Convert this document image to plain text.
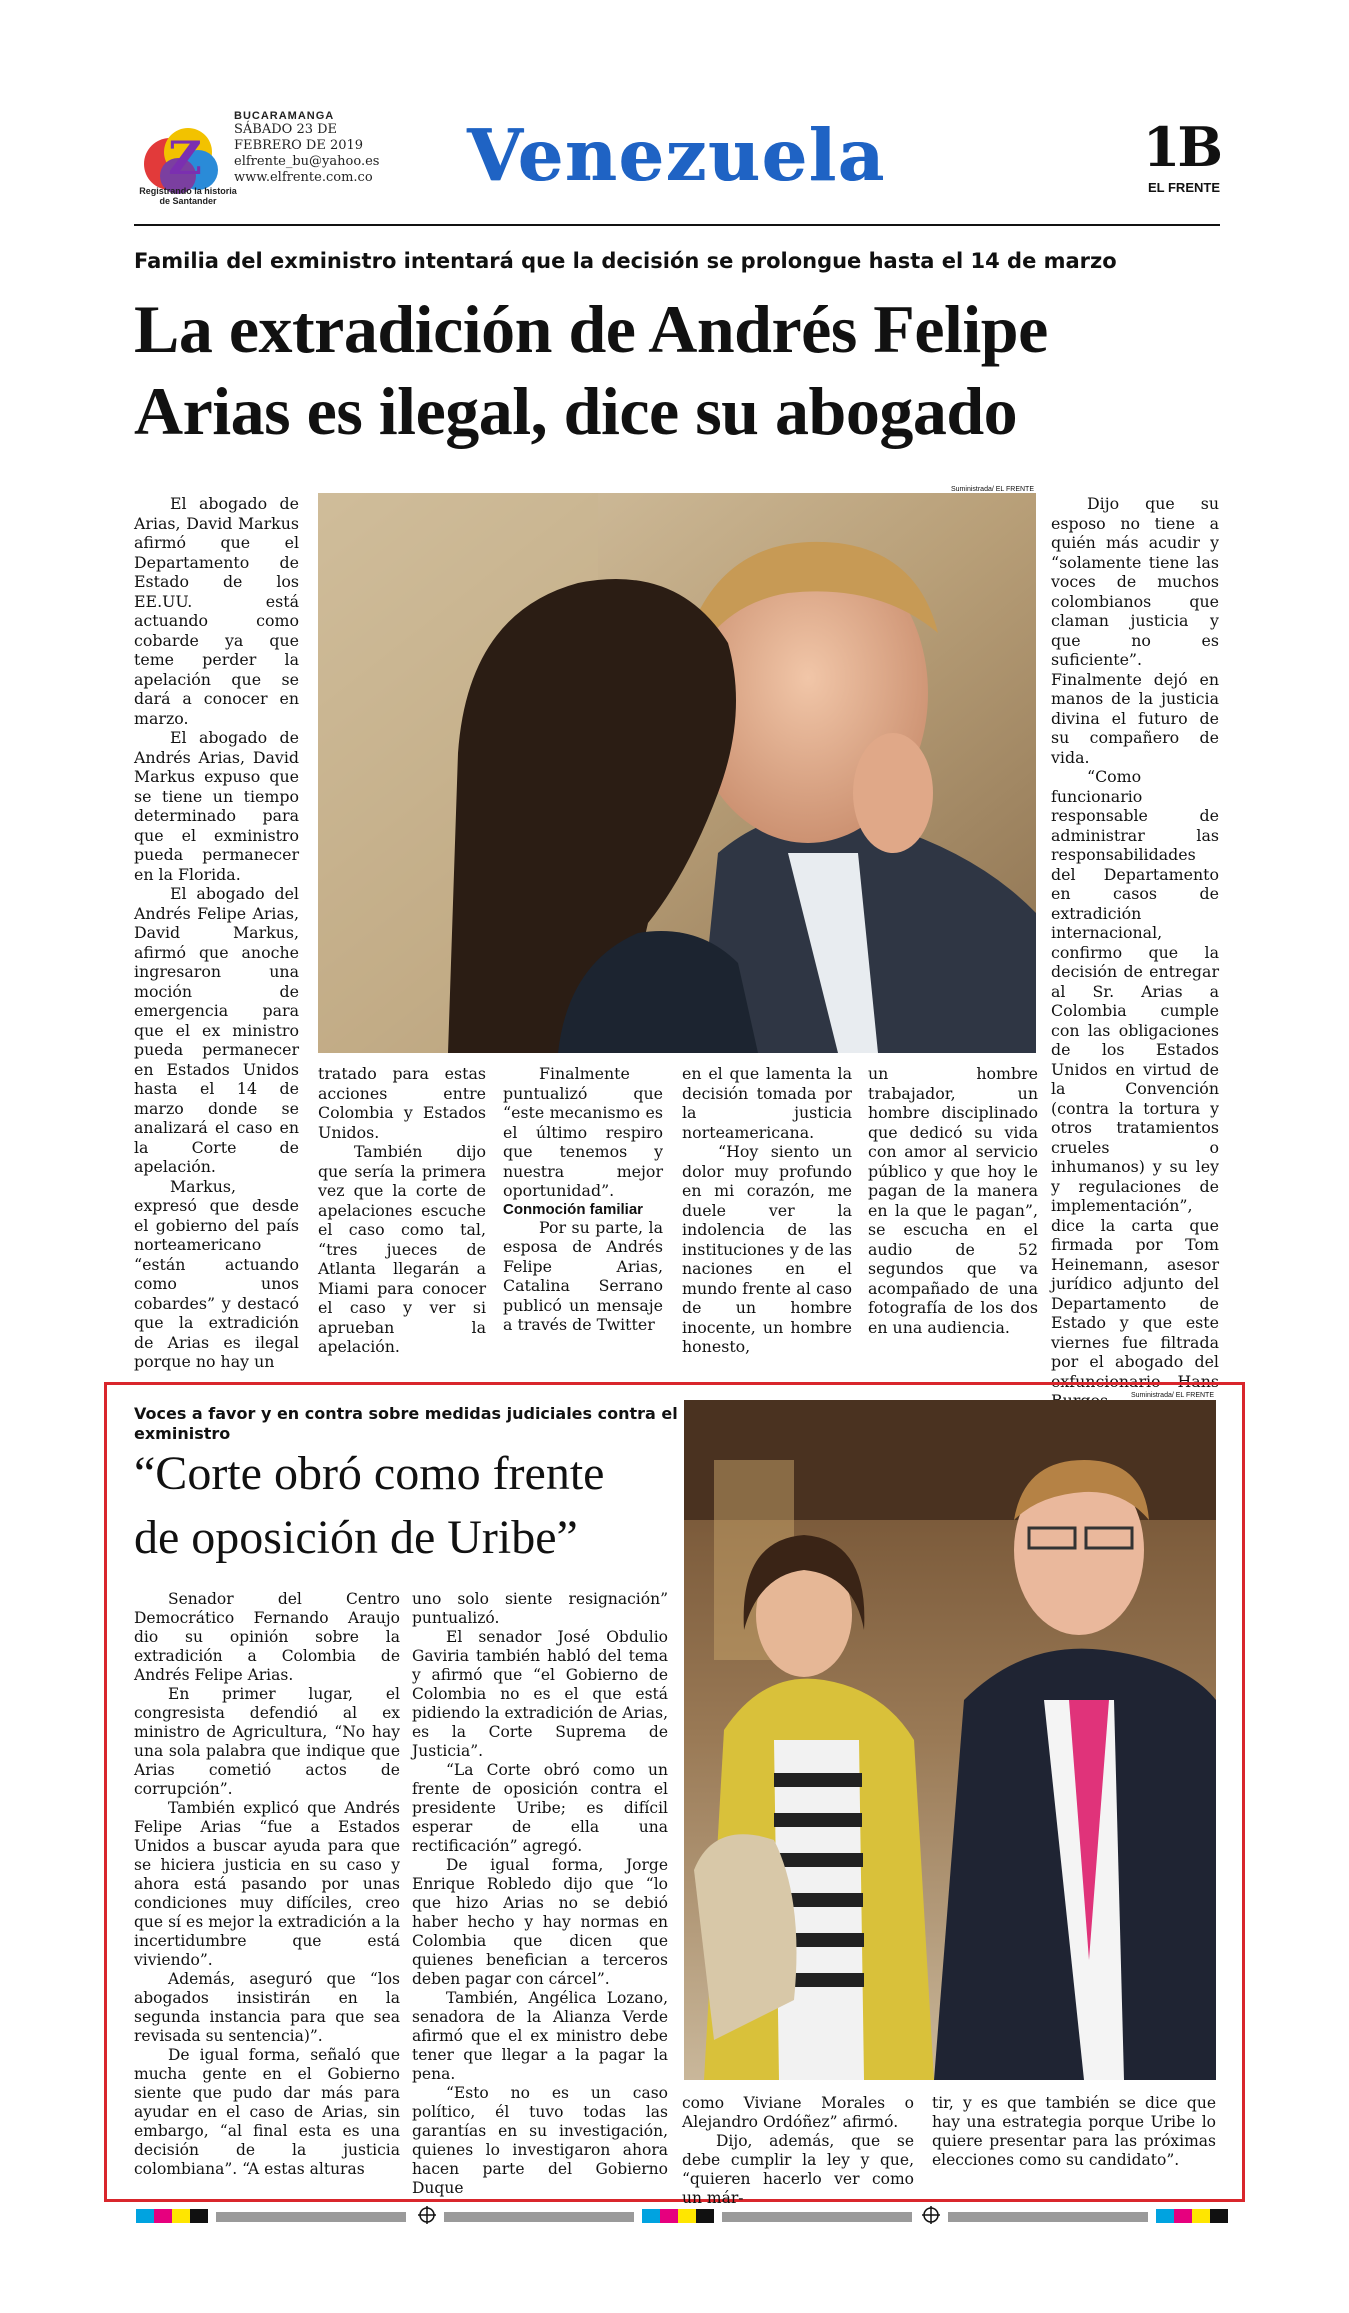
Z
Registrando la historia de Santander
BUCARAMANGA
SÁBADO 23 DE FEBRERO DE 2019
elfrente_bu@yahoo.es
www.elfrente.com.co Venezuela	1B
EL FRENTE
Familia del exministro intentará que la decisión se prolongue hasta el 14 de marzo
La extradición de Andrés Felipe
Arias es ilegal, dice su abogado
Suministrada/ EL FRENTE

El abogado de Arias, David Markus afirmó que el Departamento de Estado de los EE.UU. está actuando como cobarde ya que teme perder la apelación que se dará a conocer en marzo.

El abogado de Andrés Arias, David Markus expuso que se tiene un tiempo determinado para que el exministro pueda permanecer en la Florida.

El abogado del Andrés Felipe Arias, David Markus, afirmó que anoche ingresaron una moción de emergencia para que el ex ministro pueda permanecer en Estados Unidos hasta el 14 de marzo donde se analizará el caso en la Corte de apelación.

Markus, expresó que desde el gobierno del país norteamericano “están actuando como unos cobardes” y destacó que la extradición de Arias es ilegal porque no hay un

tratado para estas acciones entre Colombia y Estados Unidos.

También dijo que sería la primera vez que la corte de apelaciones escuche el caso como tal, “tres jueces de Atlanta llegarán a Miami para conocer el caso y ver si aprueban la apelación.

Finalmente puntualizó que “este mecanismo es el último respiro que tenemos y nuestra mejor oportunidad”.

Conmoción familiar

Por su parte, la esposa de Andrés Felipe Arias, Catalina Serrano publicó un mensaje a través de Twitter

en el que lamenta la decisión tomada por la justicia norteamericana.

“Hoy siento un dolor muy profundo en mi corazón, me duele ver la indolencia de las instituciones y de las naciones en el mundo frente al caso de un hombre inocente, un hombre honesto,

un hombre trabajador, un hombre disciplinado que dedicó su vida con amor al servicio público y que hoy le pagan de la manera en la que le pagan”, se escucha en el audio de 52 segundos que va acompañado de una fotografía de los dos en una audiencia.

Dijo que su esposo no tiene a quién más acudir y “solamente tiene las voces de muchos colombianos que claman justicia y que no es suficiente”. Finalmente dejó en manos de la justicia divina el futuro de su compañero de vida.

“Como funcionario responsable de administrar las responsabilidades del Departamento en casos de extradición internacional, confirmo que la decisión de entregar al Sr. Arias a Colombia cumple con las obligaciones de los Estados Unidos en virtud de la Convención (contra la tortura y otros tratamientos crueles o inhumanos) y su ley y regulaciones de implementación”, dice la carta que firmada por Tom Heinemann, asesor jurídico adjunto del Departamento de Estado y que este viernes fue filtrada por el abogado del exfuncionario Hans

Voces a favor y en contra sobre medidas judiciales contra el exministro
“Corte obró como frente
de oposición de Uribe”
Suministrada/ EL FRENTE

Senador del Centro Democrático Fernando Araujo dio su opinión sobre la extradición a Colombia de Andrés Felipe Arias.

En primer lugar, el congresista defendió al ex ministro de Agricultura, “No hay una sola palabra que indique que Arias cometió actos de corrupción”.

También explicó que Andrés Felipe Arias “fue a Estados Unidos a buscar ayuda para que se hiciera justicia en su caso y ahora está pasando por unas condiciones muy difíciles, creo que sí es mejor la extradición a la incertidumbre que está viviendo”.

Además, aseguró que “los abogados insistirán en la segunda instancia para que sea revisada su sentencia)”.

De igual forma, señaló que mucha gente en el Gobierno siente que pudo dar más para ayudar en el caso de Arias, sin embargo, “al final esta es una decisión de la justicia colombiana”. “A estas alturas

uno solo siente resignación” puntualizó.

El senador José Obdulio Gaviria también habló del tema y afirmó que “el Gobierno de Colombia no es el que está pidiendo la extradición de Arias, es la Corte Suprema de Justicia”.

“La Corte obró como un frente de oposición contra el presidente Uribe; es difícil esperar de ella una rectificación” agregó.

De igual forma, Jorge Enrique Robledo dijo que “lo que hizo Arias no se debió haber hecho y hay normas en Colombia que dicen que quienes benefician a terceros deben pagar con cárcel”.

También, Angélica Lozano, senadora de la Alianza Verde afirmó que el ex ministro debe tener que llegar a la pagar la pena.

“Esto no es un caso político, él tuvo todas las garantías en su investigación, quienes lo investigaron ahora hacen parte del Gobierno Duque

como Viviane Morales o Alejandro Ordóñez” afirmó.

Dijo, además, que se debe cumplir la ley y que, “quieren hacerlo ver como un már-

tir, y es que también se dice que hay una estrategia porque Uribe lo quiere presentar para las próximas elecciones como su candidato”.
